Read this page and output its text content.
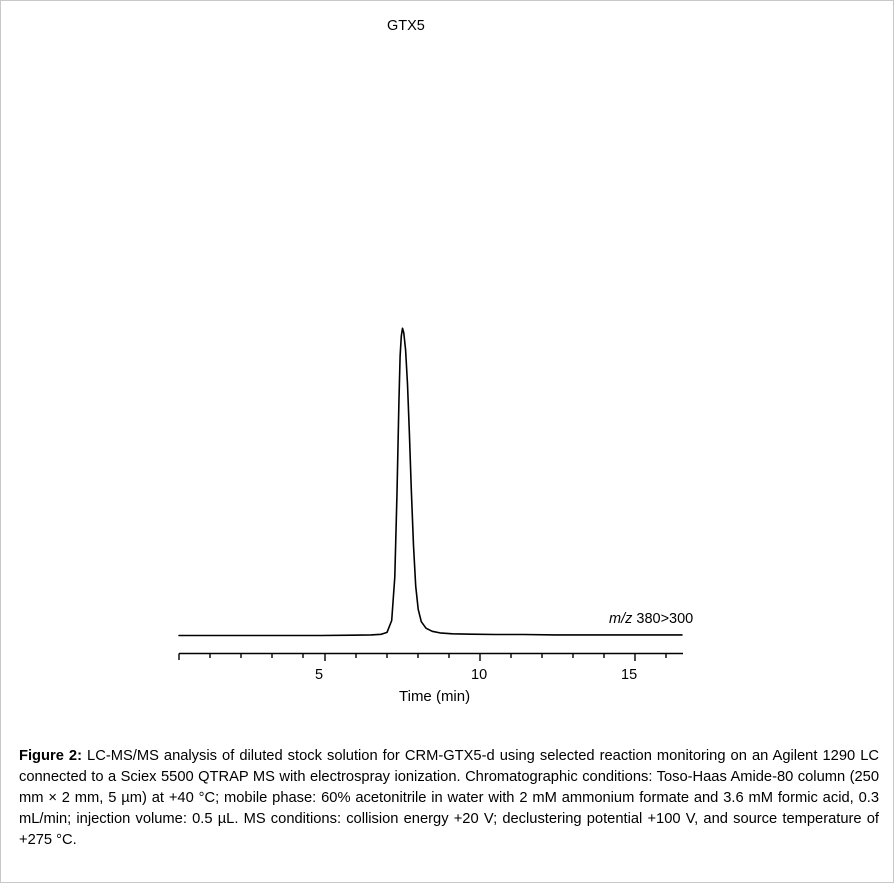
GTX5
m/z 380>300
5	10	15
Time (min)
Figure 2: LC-MS/MS analysis of diluted stock solution for CRM-GTX5-d using selected reaction monitoring on an Agilent 1290 LC connected to a Sciex 5500 QTRAP MS with electrospray ionization. Chromatographic conditions: Toso-Haas Amide-80 column (250 mm × 2 mm, 5 µm) at +40 °C; mobile phase: 60% acetonitrile in water with 2 mM ammonium formate and 3.6 mM formic acid, 0.3 mL/min; injection volume: 0.5 µL. MS conditions: collision energy +20 V; declustering potential +100 V, and source temperature of +275 °C.
